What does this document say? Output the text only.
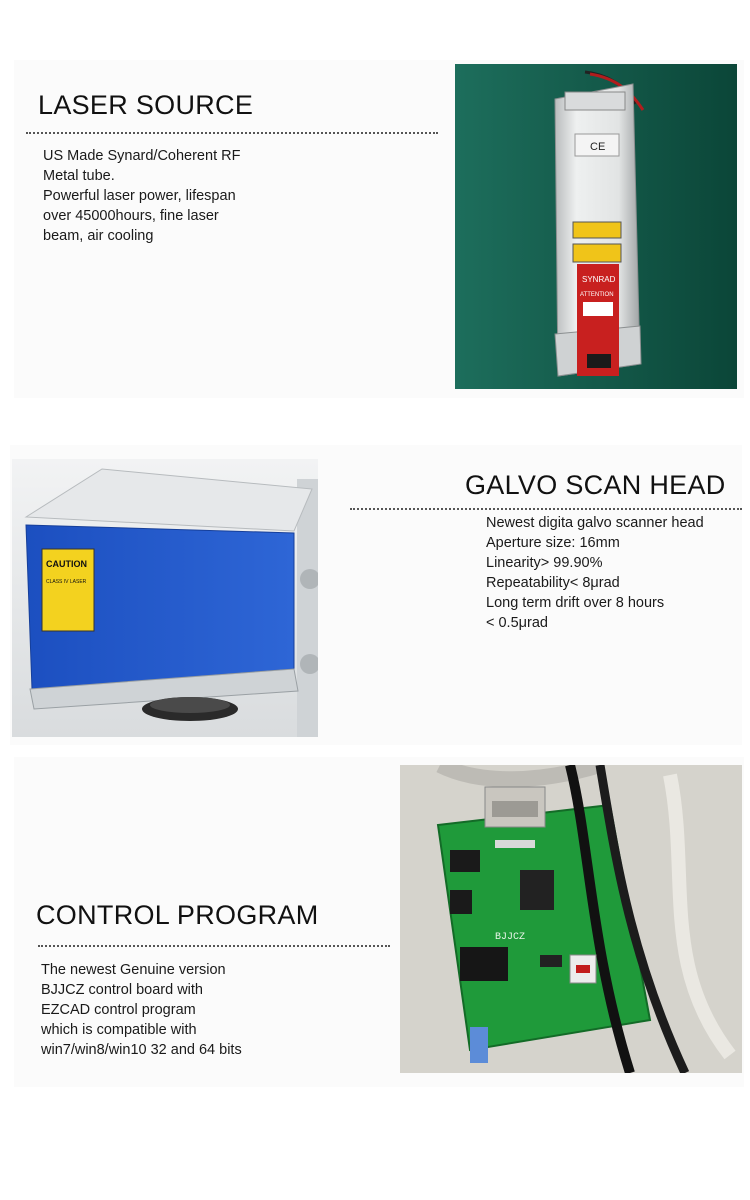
LASER SOURCE
US Made Synard/Coherent RF
Metal tube.
Powerful laser power, lifespan
over 45000hours, fine laser
beam, air cooling
CE
SYNRAD
ATTENTION
CAUTION
CLASS IV LASER
GALVO SCAN HEAD
Newest digita galvo scanner head
Aperture size: 16mm
Linearity> 99.90%
Repeatability< 8μrad
Long term drift over 8 hours
< 0.5μrad
CONTROL PROGRAM
The newest Genuine version
BJJCZ control board with
EZCAD control program
which is compatible with
win7/win8/win10 32 and 64 bits
BJJCZ
